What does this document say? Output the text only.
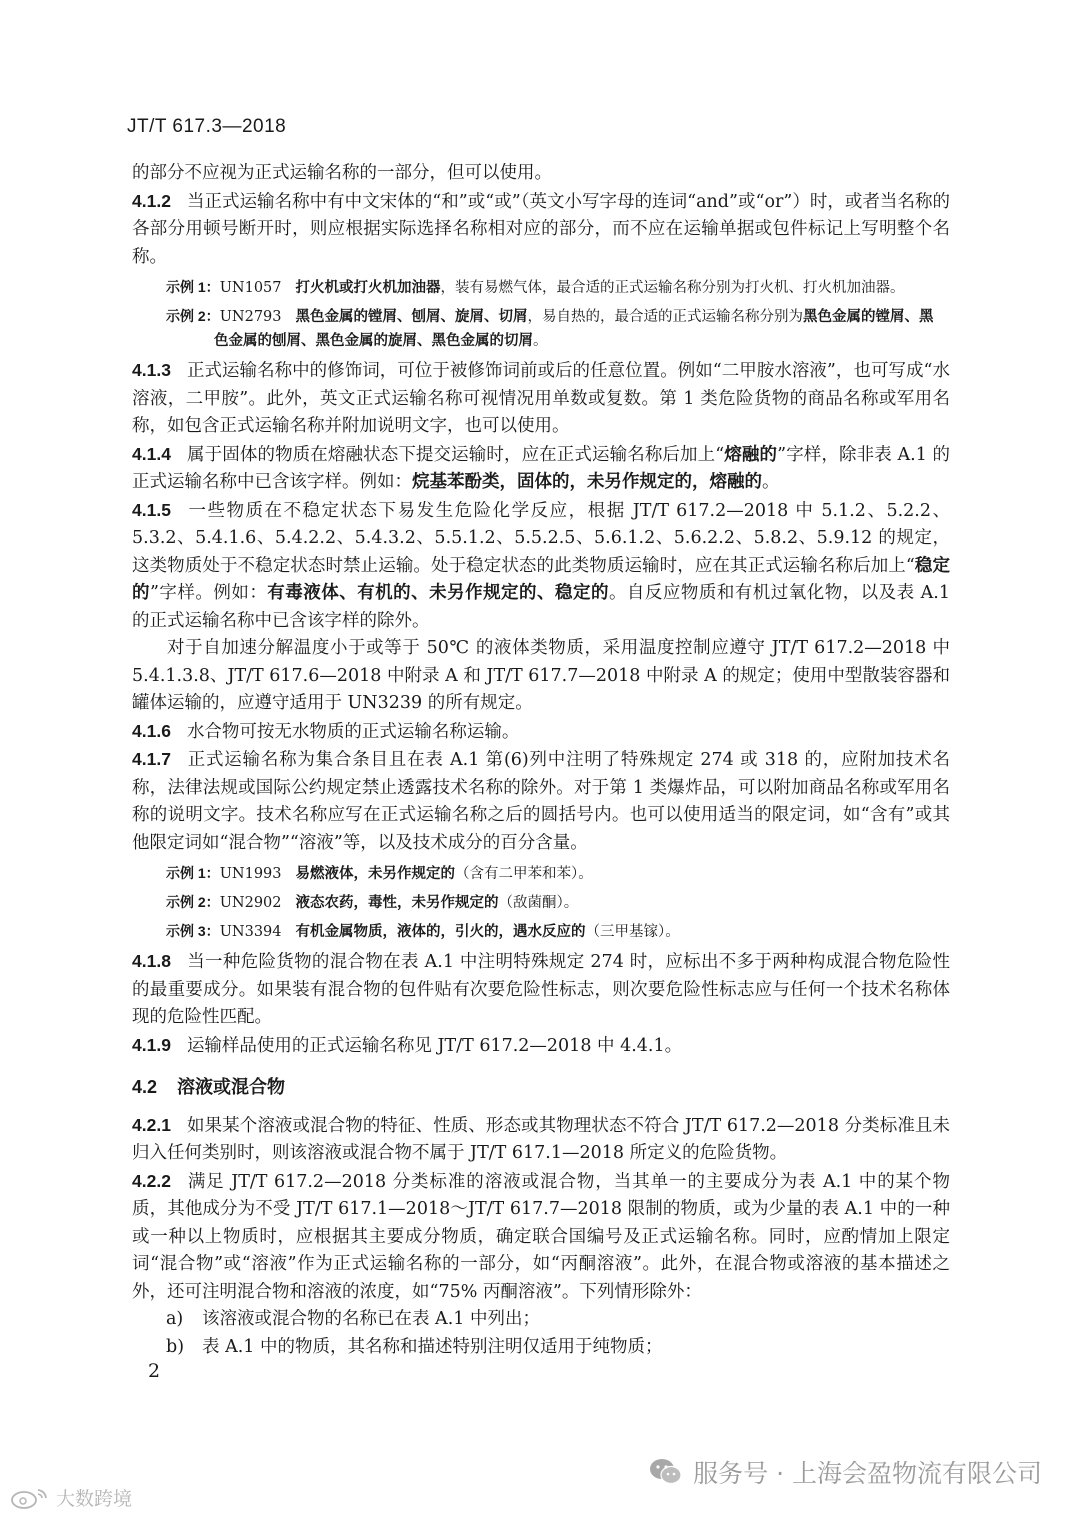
JT/T 617.3—2018

的部分不应视为正式运输名称的一部分，但可以使用。

4.1.2 当正式运输名称中有中文宋体的“和”或“或”（英文小写字母的连词“and”或“or”）时，或者当名称的各部分用顿号断开时，则应根据实际选择名称相对应的部分，而不应在运输单据或包件标记上写明整个名称。

示例 1：UN1057 打火机或打火机加油器，装有易燃气体，最合适的正式运输名称分别为打火机、打火机加油器。
示例 2：UN2793 黑色金属的镗屑、刨屑、旋屑、切屑，易自热的，最合适的正式运输名称分别为黑色金属的镗屑、黑
色金属的刨屑、黑色金属的旋屑、黑色金属的切屑。

4.1.3 正式运输名称中的修饰词，可位于被修饰词前或后的任意位置。例如“二甲胺水溶液”，也可写成“水溶液，二甲胺”。此外，英文正式运输名称可视情况用单数或复数。第 1 类危险货物的商品名称或军用名称，如包含正式运输名称并附加说明文字，也可以使用。

4.1.4 属于固体的物质在熔融状态下提交运输时，应在正式运输名称后加上“熔融的”字样，除非表 A.1 的正式运输名称中已含该字样。例如：烷基苯酚类，固体的，未另作规定的，熔融的。

4.1.5 一些物质在不稳定状态下易发生危险化学反应，根据 JT/T 617.2—2018 中 5.1.2、5.2.2、5.3.2、5.4.1.6、5.4.2.2、5.4.3.2、5.5.1.2、5.5.2.5、5.6.1.2、5.6.2.2、5.8.2、5.9.12 的规定，这类物质处于不稳定状态时禁止运输。处于稳定状态的此类物质运输时，应在其正式运输名称后加上“稳定的”字样。例如：有毒液体、有机的、未另作规定的、稳定的。自反应物质和有机过氧化物，以及表 A.1 的正式运输名称中已含该字样的除外。

对于自加速分解温度小于或等于 50℃ 的液体类物质，采用温度控制应遵守 JT/T 617.2—2018 中 5.4.1.3.8、JT/T 617.6—2018 中附录 A 和 JT/T 617.7—2018 中附录 A 的规定；使用中型散装容器和罐体运输的，应遵守适用于 UN3239 的所有规定。

4.1.6 水合物可按无水物质的正式运输名称运输。

4.1.7 正式运输名称为集合条目且在表 A.1 第(6)列中注明了特殊规定 274 或 318 的，应附加技术名称，法律法规或国际公约规定禁止透露技术名称的除外。对于第 1 类爆炸品，可以附加商品名称或军用名称的说明文字。技术名称应写在正式运输名称之后的圆括号内。也可以使用适当的限定词，如“含有”或其他限定词如“混合物”“溶液”等，以及技术成分的百分含量。

示例 1：UN1993 易燃液体，未另作规定的（含有二甲苯和苯）。
示例 2：UN2902 液态农药，毒性，未另作规定的（敌菌酮）。
示例 3：UN3394 有机金属物质，液体的，引火的，遇水反应的（三甲基镓）。

4.1.8 当一种危险货物的混合物在表 A.1 中注明特殊规定 274 时，应标出不多于两种构成混合物危险性的最重要成分。如果装有混合物的包件贴有次要危险性标志，则次要危险性标志应与任何一个技术名称体现的危险性匹配。

4.1.9 运输样品使用的正式运输名称见 JT/T 617.2—2018 中 4.4.1。

4.2 溶液或混合物

4.2.1 如果某个溶液或混合物的特征、性质、形态或其物理状态不符合 JT/T 617.2—2018 分类标准且未归入任何类别时，则该溶液或混合物不属于 JT/T 617.1—2018 所定义的危险货物。

4.2.2 满足 JT/T 617.2—2018 分类标准的溶液或混合物，当其单一的主要成分为表 A.1 中的某个物质，其他成分为不受 JT/T 617.1—2018～JT/T 617.7—2018 限制的物质，或为少量的表 A.1 中的一种或一种以上物质时，应根据其主要成分物质，确定联合国编号及正式运输名称。同时，应酌情加上限定词“混合物”或“溶液”作为正式运输名称的一部分，如“丙酮溶液”。此外，在混合物或溶液的基本描述之外，还可注明混合物和溶液的浓度，如“75% 丙酮溶液”。下列情形除外：

a) 该溶液或混合物的名称已在表 A.1 中列出；
b) 表 A.1 中的物质，其名称和描述特别注明仅适用于纯物质；
2
服务号 · 上海会盈物流有限公司
大数跨境
